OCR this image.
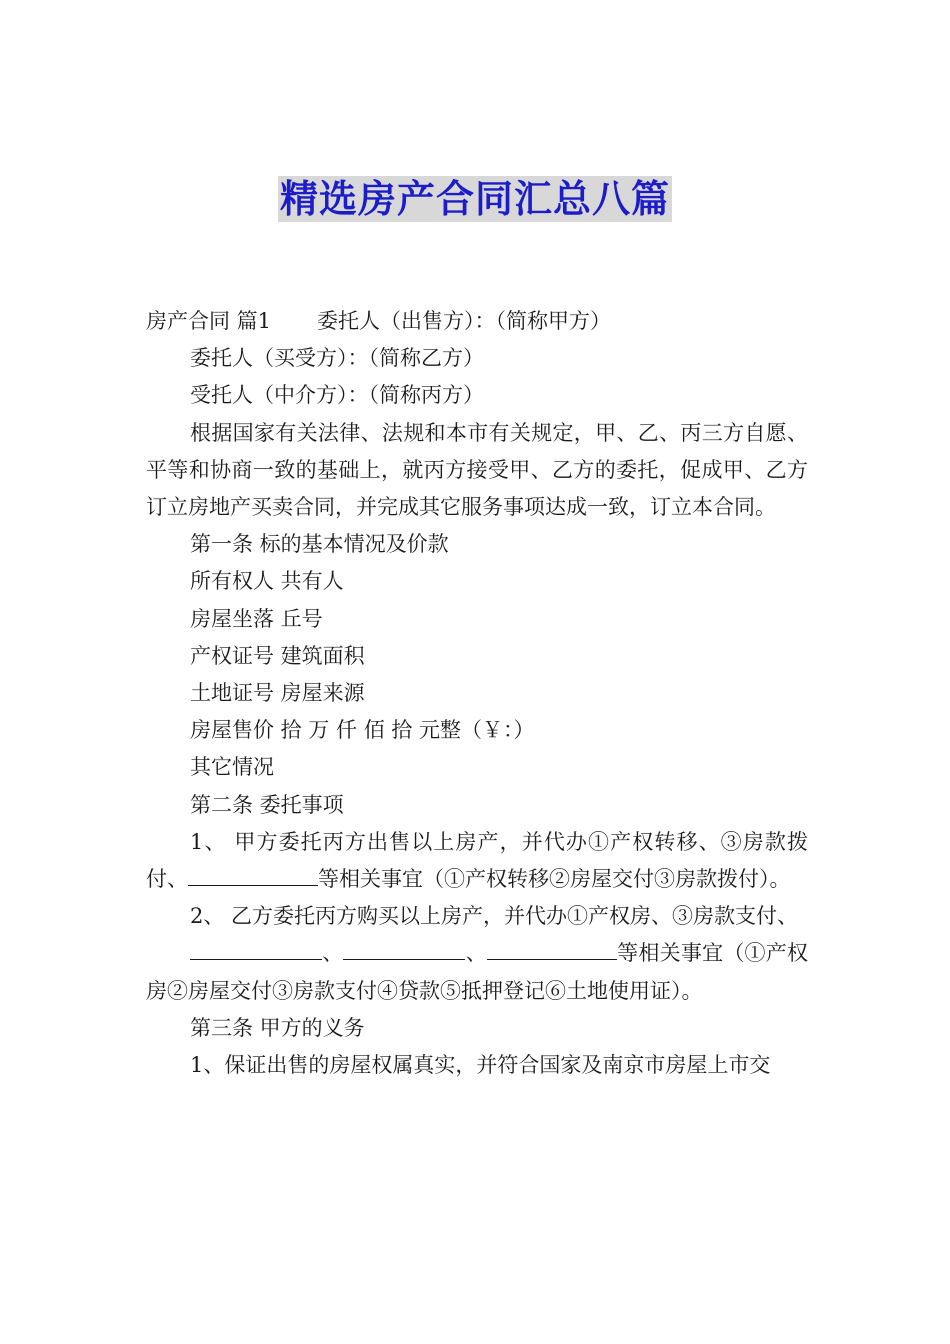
精选房产合同汇总八篇

房产合同 篇1 委托人（出售方）：（简称甲方）

委托人（买受方）：（简称乙方）

受托人（中介方）：（简称丙方）

根据国家有关法律、法规和本市有关规定，甲、乙、丙三方自愿、平等和协商一致的基础上，就丙方接受甲、乙方的委托，促成甲、乙方订立房地产买卖合同，并完成其它服务事项达成一致，订立本合同。

第一条 标的基本情况及价款

所有权人 共有人

房屋坐落 丘号

产权证号 建筑面积

土地证号 房屋来源

房屋售价 拾 万 仟 佰 拾 元整（￥：）

其它情况

第二条 委托事项

1、 甲方委托丙方出售以上房产，并代办①产权转移、③房款拨付、	等相关事宜（①产权转移②房屋交付③房款拨付）。

2、 乙方委托丙方购买以上房产，并代办①产权房、③房款支付、

、	、	等相关事宜（①产权房②房屋交付③房款支付④贷款⑤抵押登记⑥土地使用证）。

第三条 甲方的义务

1、保证出售的房屋权属真实，并符合国家及南京市房屋上市交
